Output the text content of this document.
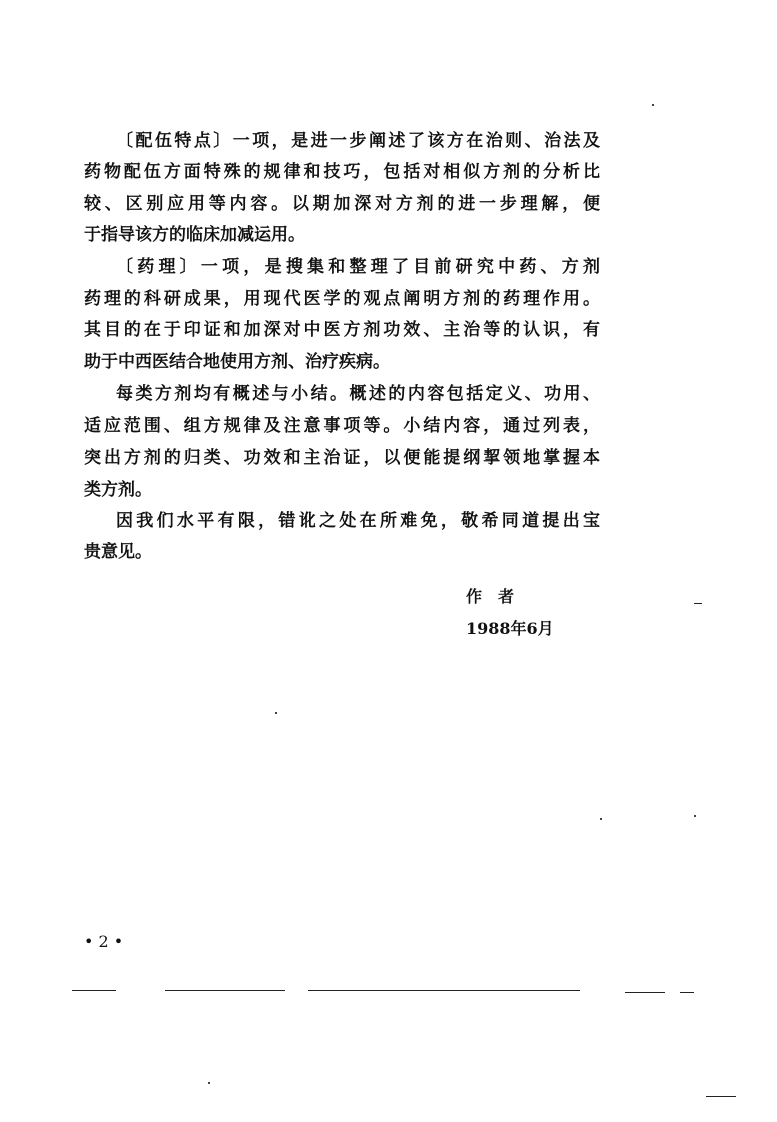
〔配伍特点〕一项，是进一步阐述了该方在治则、治法及
药物配伍方面特殊的规律和技巧，包括对相似方剂的分析比
较、区别应用等内容。以期加深对方剂的进一步理解，便
于指导该方的临床加减运用。
〔药理〕一项，是搜集和整理了目前研究中药、方剂
药理的科研成果，用现代医学的观点阐明方剂的药理作用。
其目的在于印证和加深对中医方剂功效、主治等的认识，有
助于中西医结合地使用方剂、治疗疾病。
每类方剂均有概述与小结。概述的内容包括定义、功用、
适应范围、组方规律及注意事项等。小结内容，通过列表，
突出方剂的归类、功效和主治证，以便能提纲挈领地掌握本
类方剂。
因我们水平有限，错讹之处在所难免，敬希同道提出宝
贵意见。
作　者
1988年6月
• 2 •
